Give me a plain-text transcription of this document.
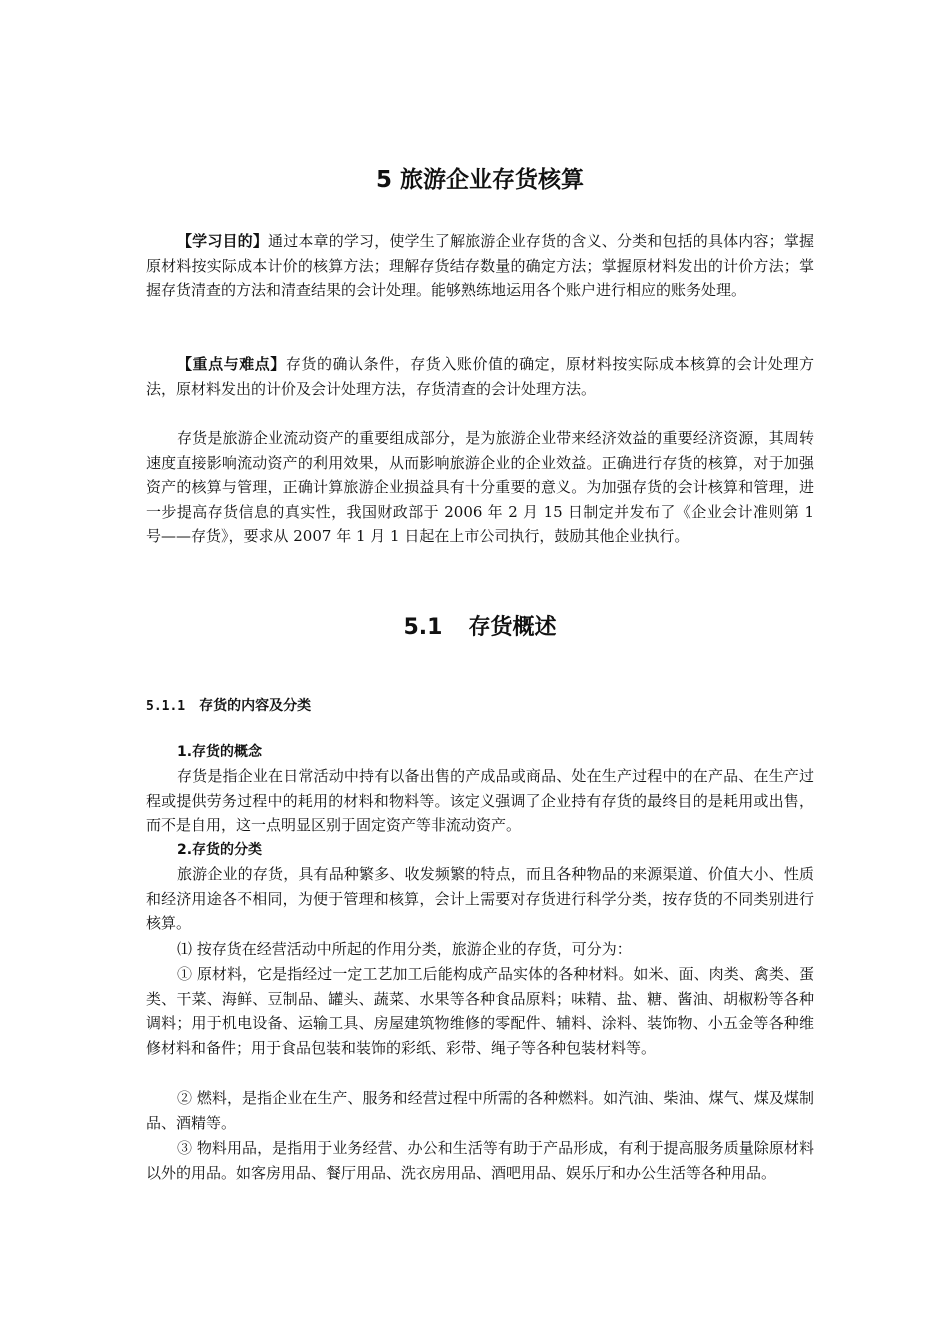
5 旅游企业存货核算

【学习目的】通过本章的学习，使学生了解旅游企业存货的含义、分类和包括的具体内容；掌握原材料按实际成本计价的核算方法；理解存货结存数量的确定方法；掌握原材料发出的计价方法；掌握存货清查的方法和清查结果的会计处理。能够熟练地运用各个账户进行相应的账务处理。

【重点与难点】存货的确认条件，存货入账价值的确定，原材料按实际成本核算的会计处理方法，原材料发出的计价及会计处理方法，存货清查的会计处理方法。

存货是旅游企业流动资产的重要组成部分，是为旅游企业带来经济效益的重要经济资源，其周转速度直接影响流动资产的利用效果，从而影响旅游企业的企业效益。正确进行存货的核算，对于加强资产的核算与管理，正确计算旅游企业损益具有十分重要的意义。为加强存货的会计核算和管理，进一步提高存货信息的真实性，我国财政部于 2006 年 2 月 15 日制定并发布了《企业会计准则第 1 号——存货》，要求从 2007 年 1 月 1 日起在上市公司执行，鼓励其他企业执行。

5.1 存货概述
5.1.1 存货的内容及分类
1.存货的概念

存货是指企业在日常活动中持有以备出售的产成品或商品、处在生产过程中的在产品、在生产过程或提供劳务过程中的耗用的材料和物料等。该定义强调了企业持有存货的最终目的是耗用或出售，而不是自用，这一点明显区别于固定资产等非流动资产。

2.存货的分类

旅游企业的存货，具有品种繁多、收发频繁的特点，而且各种物品的来源渠道、价值大小、性质和经济用途各不相同，为便于管理和核算，会计上需要对存货进行科学分类，按存货的不同类别进行核算。

⑴ 按存货在经营活动中所起的作用分类，旅游企业的存货，可分为：

① 原材料，它是指经过一定工艺加工后能构成产品实体的各种材料。如米、面、肉类、禽类、蛋类、干菜、海鲜、豆制品、罐头、蔬菜、水果等各种食品原料；味精、盐、糖、酱油、胡椒粉等各种调料；用于机电设备、运输工具、房屋建筑物维修的零配件、辅料、涂料、装饰物、小五金等各种维修材料和备件；用于食品包装和装饰的彩纸、彩带、绳子等各种包装材料等。

② 燃料，是指企业在生产、服务和经营过程中所需的各种燃料。如汽油、柴油、煤气、煤及煤制品、酒精等。

③ 物料用品，是指用于业务经营、办公和生活等有助于产品形成，有利于提高服务质量除原材料以外的用品。如客房用品、餐厅用品、洗衣房用品、酒吧用品、娱乐厅和办公生活等各种用品。
